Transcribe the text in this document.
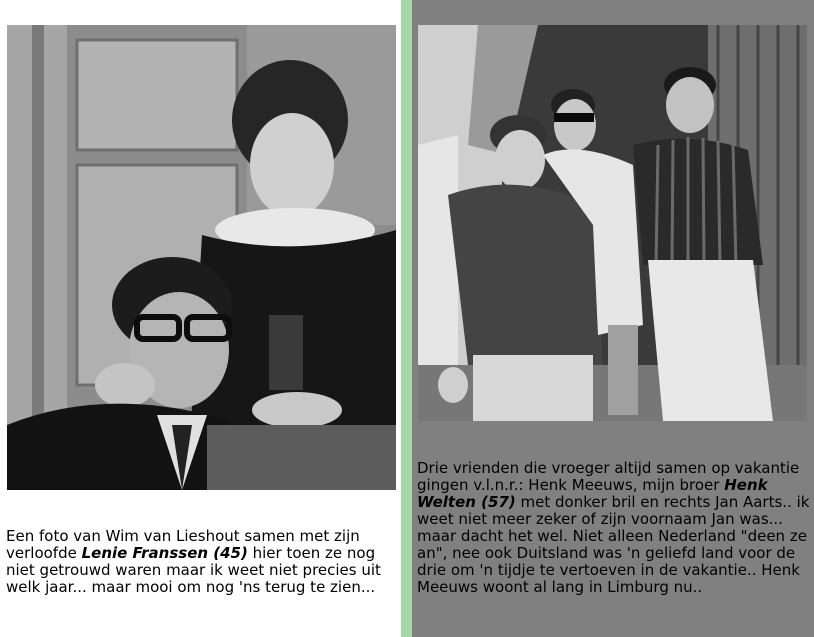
Een foto van Wim van Lieshout samen met zijn verloofde Lenie Franssen (45) hier toen ze nog niet getrouwd waren maar ik weet niet precies uit welk jaar... maar mooi om nog 'ns terug te zien...

Drie vrienden die vroeger altijd samen op vakantie gingen v.l.n.r.: Henk Meeuws, mijn broer Henk Welten (57) met donker bril en rechts Jan Aarts.. ik weet niet meer zeker of zijn voornaam Jan was... maar dacht het wel. Niet alleen Nederland "deen ze an", nee ook Duitsland was 'n geliefd land voor de drie om 'n tijdje te vertoeven in de vakantie.. Henk Meeuws woont al lang in Limburg nu..
